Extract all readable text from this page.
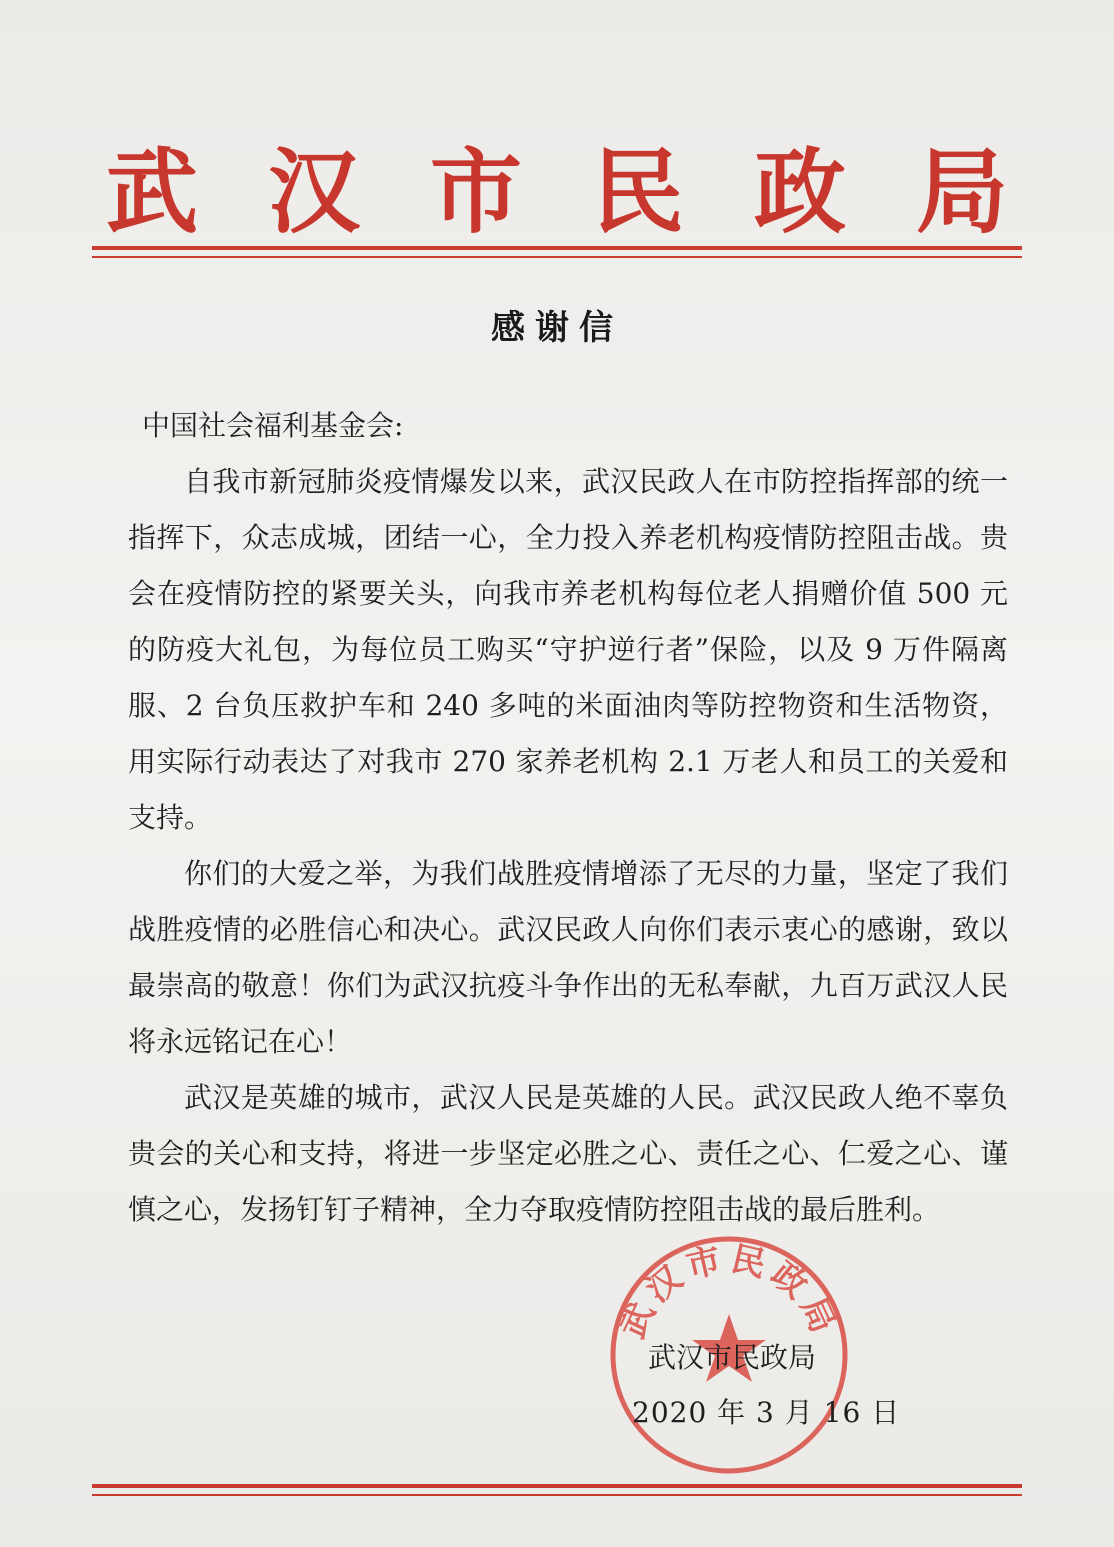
武 汉 市 民 政 局
感谢信

中国社会福利基金会:

自我市新冠肺炎疫情爆发以来，武汉民政人在市防控指挥部的统一指挥下，众志成城，团结一心，全力投入养老机构疫情防控阻击战。贵会在疫情防控的紧要关头，向我市养老机构每位老人捐赠价值 500 元的防疫大礼包，为每位员工购买“守护逆行者”保险，以及 9 万件隔离服、2 台负压救护车和 240 多吨的米面油肉等防控物资和生活物资，用实际行动表达了对我市 270 家养老机构 2.1 万老人和员工的关爱和支持。

你们的大爱之举，为我们战胜疫情增添了无尽的力量，坚定了我们战胜疫情的必胜信心和决心。武汉民政人向你们表示衷心的感谢，致以最崇高的敬意！你们为武汉抗疫斗争作出的无私奉献，九百万武汉人民将永远铭记在心！

武汉是英雄的城市，武汉人民是英雄的人民。武汉民政人绝不辜负贵会的关心和支持，将进一步坚定必胜之心、责任之心、仁爱之心、谨慎之心，发扬钉钉子精神，全力夺取疫情防控阻击战的最后胜利。

武汉市民政局
武汉市民政局
2020 年 3 月 16 日
